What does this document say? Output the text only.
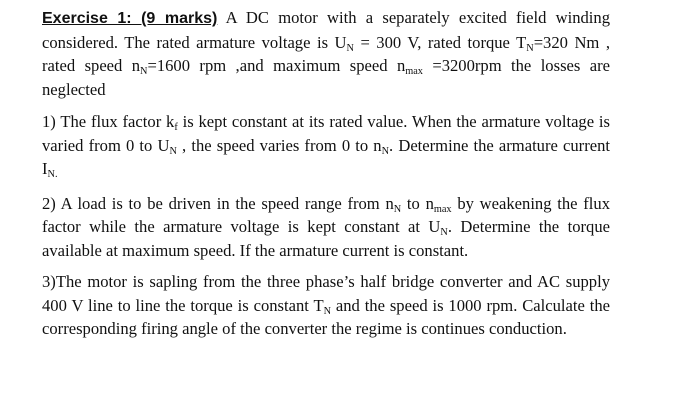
Exercise 1: (9 marks) A DC motor with a separately excited field winding considered. The rated armature voltage is $U_N = 300$ V, rated torque $T_N=320$ Nm , rated speed $n_N=1600$ rpm ,and maximum speed $n_{max} =3200rpm$ the losses are neglected

1) The flux factor $k_f$ is kept constant at its rated value. When the armature voltage is varied from 0 to $U_N$ , the speed varies from 0 to $n_N$. Determine the armature current $I_{N.}$

2) A load is to be driven in the speed range from $n_N$ to $n_{max}$ by weakening the flux factor while the armature voltage is kept constant at $U_N$. Determine the torque available at maximum speed. If the armature current is constant.

3)The motor is sapling from the three phase’s half bridge converter and AC supply 400 V line to line the torque is constant $T_N$ and the speed is 1000 rpm. Calculate the corresponding firing angle of the converter the regime is continues conduction.
